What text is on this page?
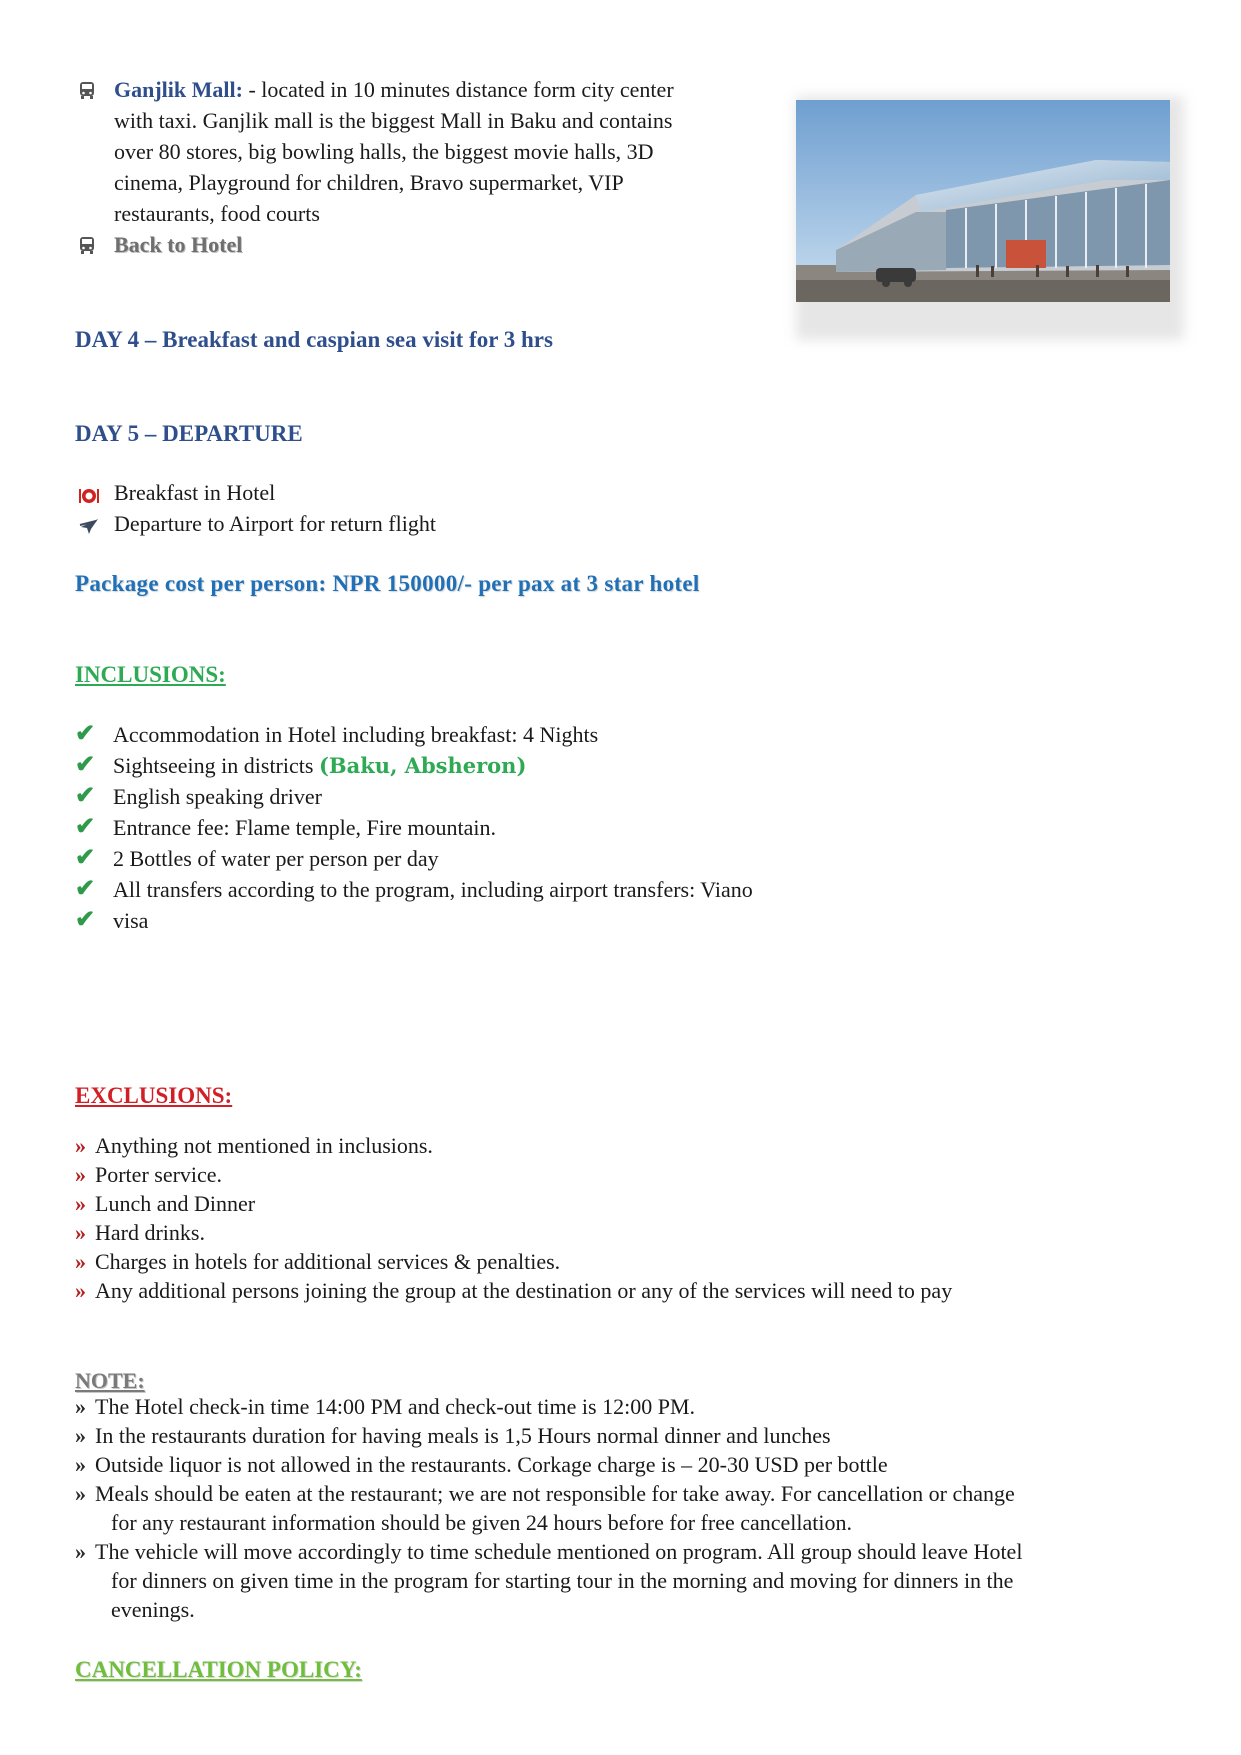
Ganjlik Mall: - located in 10 minutes distance form city center
with taxi. Ganjlik mall is the biggest Mall in Baku and contains
over 80 stores, big bowling halls, the biggest movie halls, 3D
cinema, Playground for children, Bravo supermarket, VIP
restaurants, food courts
Back to Hotel
DAY 4 – Breakfast and caspian sea visit for 3 hrs
DAY 5 – DEPARTURE
Breakfast in Hotel
Departure to Airport for return flight
Package cost per person: NPR 150000/- per pax at 3 star hotel
INCLUSIONS:
✔ Accommodation in Hotel including breakfast: 4 Nights
✔ Sightseeing in districts (Baku, Absheron)
✔ English speaking driver
✔ Entrance fee: Flame temple, Fire mountain.
✔ 2 Bottles of water per person per day
✔ All transfers according to the program, including airport transfers: Viano
✔ visa
EXCLUSIONS:
» Anything not mentioned in inclusions.
» Porter service.
» Lunch and Dinner
» Hard drinks.
» Charges in hotels for additional services & penalties.
» Any additional persons joining the group at the destination or any of the services will need to pay
NOTE:
» The Hotel check-in time 14:00 PM and check-out time is 12:00 PM.
» In the restaurants duration for having meals is 1,5 Hours normal dinner and lunches
» Outside liquor is not allowed in the restaurants. Corkage charge is – 20-30 USD per bottle
» Meals should be eaten at the restaurant; we are not responsible for take away. For cancellation or change
for any restaurant information should be given 24 hours before for free cancellation.
» The vehicle will move accordingly to time schedule mentioned on program. All group should leave Hotel
for dinners on given time in the program for starting tour in the morning and moving for dinners in the
evenings.
CANCELLATION POLICY:
